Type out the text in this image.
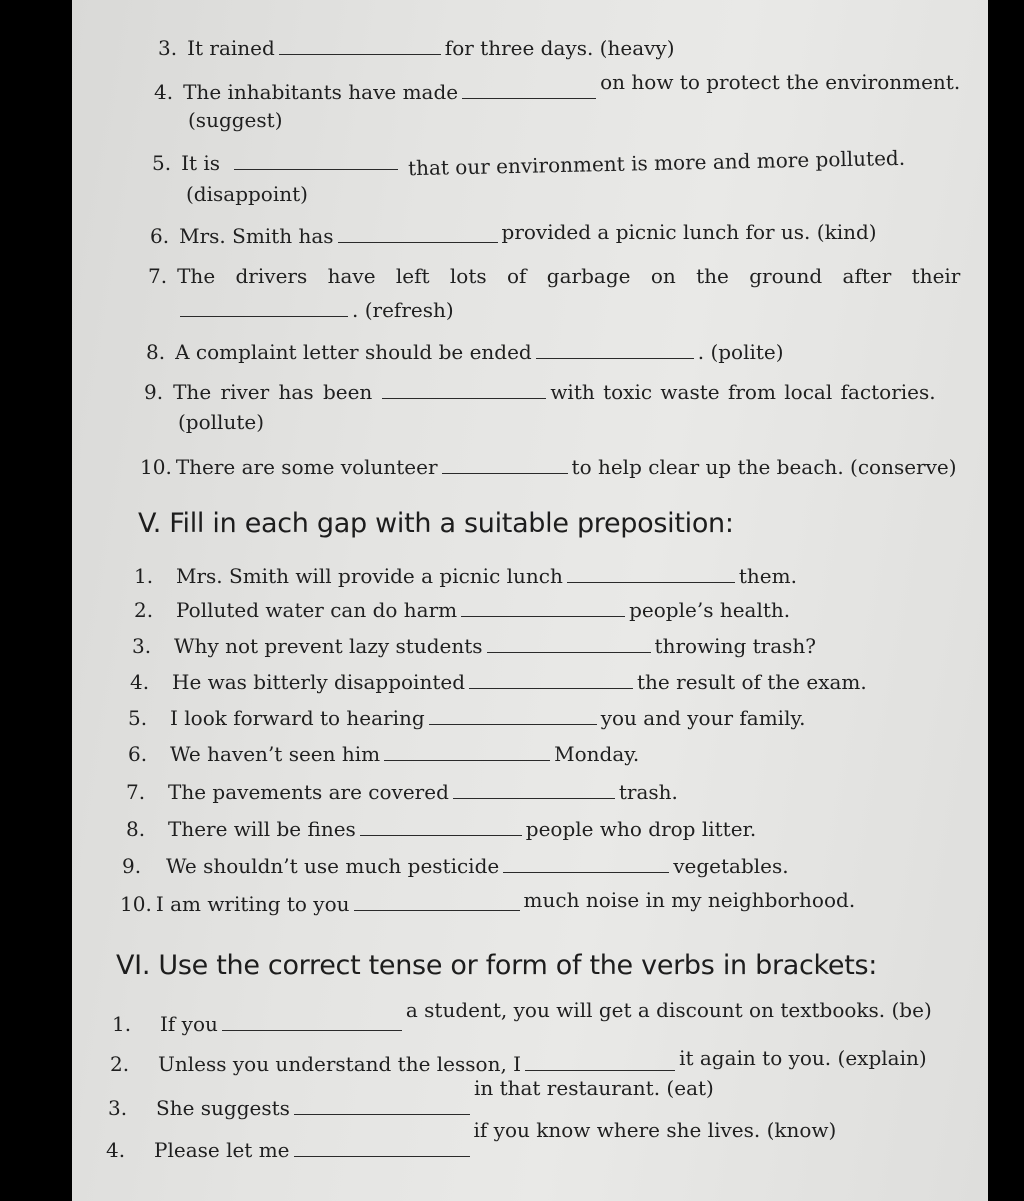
3. It rained	for three days. (heavy)
4. The inhabitants have made	on how to protect the environment.
(suggest)
5. It is	that our environment is more and more polluted.
(disappoint)
6. Mrs. Smith has	provided a picnic lunch for us. (kind)
7. The drivers have left lots of garbage on the ground after their
. (refresh)
8. A complaint letter should be ended	. (polite)
9. The river has been	with toxic waste from local factories.
(pollute)
10. There are some volunteer	to help clear up the beach. (conserve)
V. Fill in each gap with a suitable preposition:
1. Mrs. Smith will provide a picnic lunch	them.
2. Polluted water can do harm	people’s health.
3. Why not prevent lazy students	throwing trash?
4. He was bitterly disappointed	the result of the exam.
5. I look forward to hearing	you and your family.
6. We haven’t seen him	Monday.
7. The pavements are covered	trash.
8. There will be fines	people who drop litter.
9. We shouldn’t use much pesticide	vegetables.
10. I am writing to you	much noise in my neighborhood.
VI. Use the correct tense or form of the verbs in brackets:
1. If youa student, you will get a discount on textbooks. (be)
2. Unless you understand the lesson, I	it again to you. (explain)
3. She suggestsin that restaurant. (eat)
4. Please let meif you know where she lives. (know)
